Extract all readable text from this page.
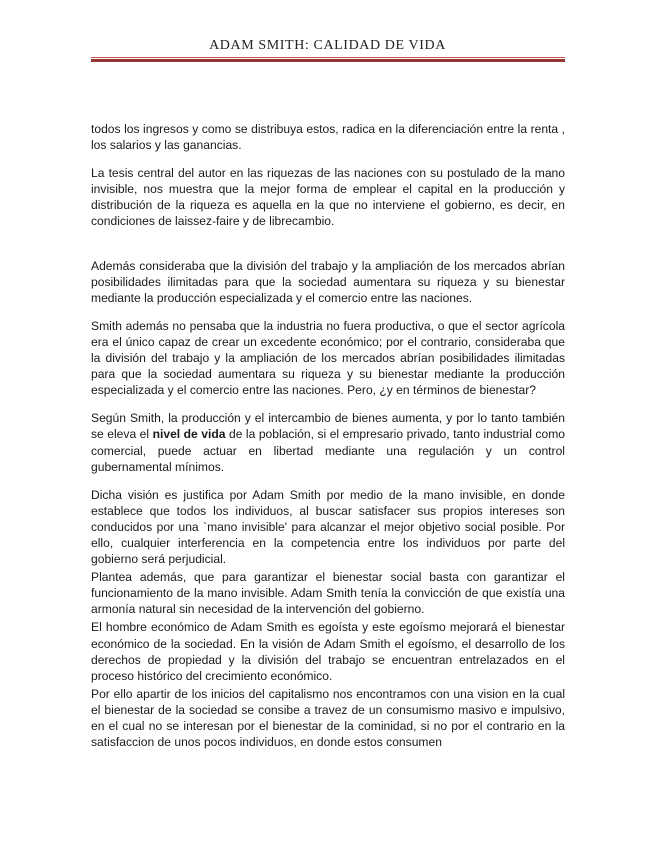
ADAM SMITH: CALIDAD DE VIDA

todos los ingresos y como se distribuya estos, radica en la diferenciación entre la renta , los salarios y las ganancias.

La tesis central del autor en las riquezas de las naciones con su postulado de la mano invisible, nos muestra que la mejor forma de emplear el capital en la producción y distribución de la riqueza es aquella en la que no interviene el gobierno, es decir, en condiciones de laissez-faire y de librecambio.

Además consideraba que la división del trabajo y la ampliación de los mercados abrían posibilidades ilimitadas para que la sociedad aumentara su riqueza y su bienestar mediante la producción especializada y el comercio entre las naciones.

Smith además no pensaba que la industria no fuera productiva, o que el sector agrícola era el único capaz de crear un excedente económico; por el contrario, consideraba que la división del trabajo y la ampliación de los mercados abrían posibilidades ilimitadas para que la sociedad aumentara su riqueza y su bienestar mediante la producción especializada y el comercio entre las naciones. Pero, ¿y en términos de bienestar?

Según Smith, la producción y el intercambio de bienes aumenta, y por lo tanto también se eleva el nivel de vida de la población, si el empresario privado, tanto industrial como comercial, puede actuar en libertad mediante una regulación y un control gubernamental mínimos.

Dicha visión es justifica por Adam Smith por medio de la mano invisible, en donde establece que todos los individuos, al buscar satisfacer sus propios intereses son conducidos por una `mano invisible' para alcanzar el mejor objetivo social posible. Por ello, cualquier interferencia en la competencia entre los individuos por parte del gobierno será perjudicial.

Plantea además, que para garantizar el bienestar social basta con garantizar el funcionamiento de la mano invisible. Adam Smith tenía la convicción de que existía una armonía natural sin necesidad de la intervención del gobierno.

El hombre económico de Adam Smith es egoísta y este egoísmo mejorará el bienestar económico de la sociedad. En la visión de Adam Smith el egoísmo, el desarrollo de los derechos de propiedad y la división del trabajo se encuentran entrelazados en el proceso histórico del crecimiento económico.

Por ello apartir de los inicios del capitalismo nos encontramos con una vision en la cual el bienestar de la sociedad se consibe a travez de un consumismo masivo e impulsivo, en el cual no se interesan por el bienestar de la cominidad, si no por el contrario en la satisfaccion de unos pocos individuos, en donde estos consumen
